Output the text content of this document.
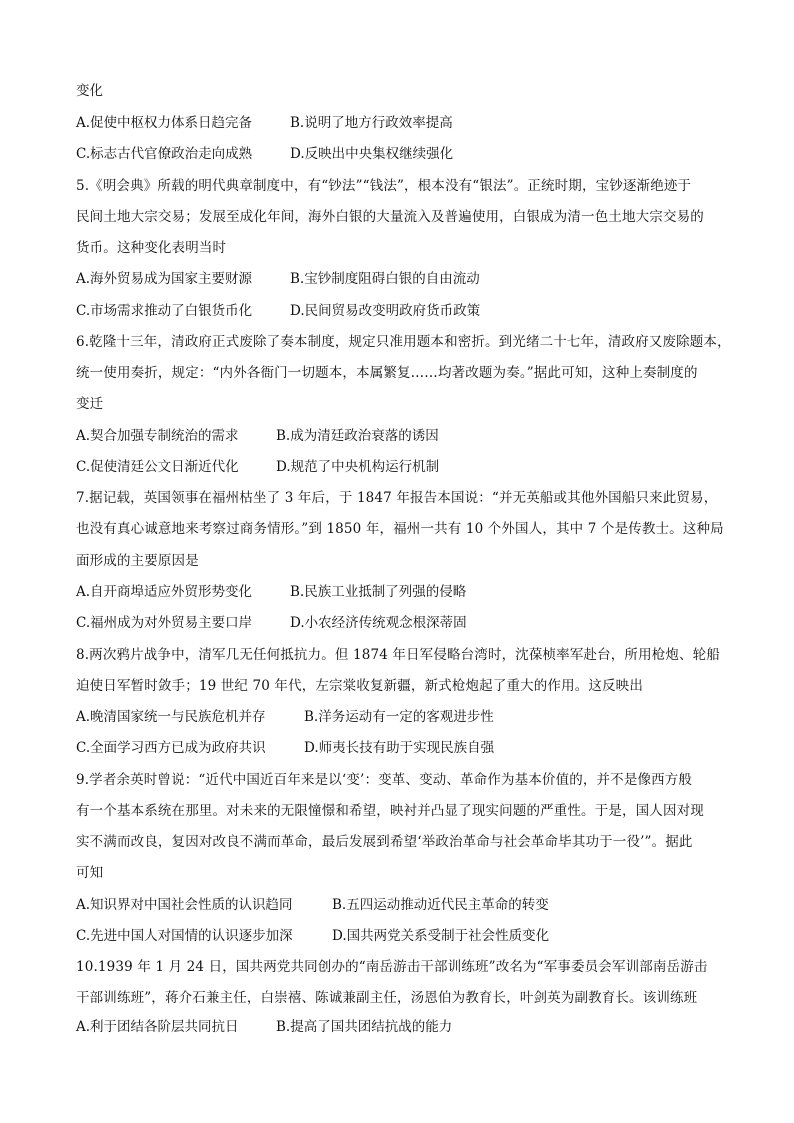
变化
A.促使中枢权力体系日趋完备	B.说明了地方行政效率提高
C.标志古代官僚政治走向成熟	D.反映出中央集权继续强化
5.《明会典》所载的明代典章制度中，有“钞法”“钱法”，根本没有“银法”。正统时期，宝钞逐渐绝迹于
民间土地大宗交易；发展至成化年间，海外白银的大量流入及普遍使用，白银成为清一色土地大宗交易的
货币。这种变化表明当时
A.海外贸易成为国家主要财源	B.宝钞制度阻碍白银的自由流动
C.市场需求推动了白银货币化	D.民间贸易改变明政府货币政策
6.乾隆十三年，清政府正式废除了奏本制度，规定只准用题本和密折。到光绪二十七年，清政府又废除题本，
统一使用奏折，规定：“内外各衙门一切题本，本属繁复……均著改题为奏。”据此可知，这种上奏制度的
变迁
A.契合加强专制统治的需求	B.成为清廷政治衰落的诱因
C.促使清廷公文日渐近代化	D.规范了中央机构运行机制
7.据记载，英国领事在福州枯坐了 3 年后，于 1847 年报告本国说：“并无英船或其他外国船只来此贸易，
也没有真心诚意地来考察过商务情形。”到 1850 年，福州一共有 10 个外国人，其中 7 个是传教士。这种局
面形成的主要原因是
A.自开商埠适应外贸形势变化	B.民族工业抵制了列强的侵略
C.福州成为对外贸易主要口岸	D.小农经济传统观念根深蒂固
8.两次鸦片战争中，清军几无任何抵抗力。但 1874 年日军侵略台湾时，沈葆桢率军赴台，所用枪炮、轮船
迫使日军暂时敛手；19 世纪 70 年代，左宗棠收复新疆，新式枪炮起了重大的作用。这反映出
A.晚清国家统一与民族危机并存	B.洋务运动有一定的客观进步性
C.全面学习西方已成为政府共识	D.师夷长技有助于实现民族自强
9.学者余英时曾说：“近代中国近百年来是以‘变’：变革、变动、革命作为基本价值的，并不是像西方般
有一个基本系统在那里。对未来的无限憧憬和希望，映衬并凸显了现实问题的严重性。于是，国人因对现
实不满而改良，复因对改良不满而革命，最后发展到希望‘举政治革命与社会革命毕其功于一役’”。据此
可知
A.知识界对中国社会性质的认识趋同	B.五四运动推动近代民主革命的转变
C.先进中国人对国情的认识逐步加深	D.国共两党关系受制于社会性质变化
10.1939 年 1 月 24 日，国共两党共同创办的“南岳游击干部训练班”改名为“军事委员会军训部南岳游击
干部训练班”，蒋介石兼主任，白崇禧、陈诚兼副主任，汤恩伯为教育长，叶剑英为副教育长。该训练班
A.利于团结各阶层共同抗日	B.提高了国共团结抗战的能力
